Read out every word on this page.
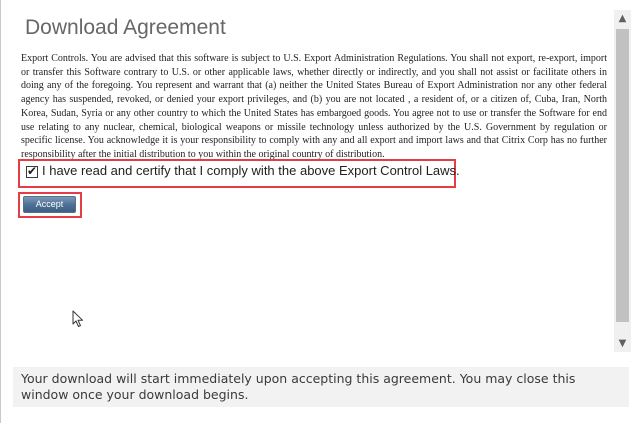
Download Agreement

Export Controls. You are advised that this software is subject to U.S. Export Administration Regulations. You shall not export, re-export, import or transfer this Software contrary to U.S. or other applicable laws, whether directly or indirectly, and you shall not assist or facilitate others in doing any of the foregoing. You represent and warrant that (a) neither the United States Bureau of Export Administration nor any other federal agency has suspended, revoked, or denied your export privileges, and (b) you are not located , a resident of, or a citizen of, Cuba, Iran, North Korea, Sudan, Syria or any other country to which the United States has embargoed goods. You agree not to use or transfer the Software for end use relating to any nuclear, chemical, biological weapons or missile technology unless authorized by the U.S. Government by regulation or specific license. You acknowledge it is your responsibility to comply with any and all export and import laws and that Citrix Corp has no further responsibility after the initial distribution to you within the original country of distribution.

✔ I have read and certify that I comply with the above Export Control Laws.
Accept
▲
▼

Your download will start immediately upon accepting this agreement. You may close this window once your download begins.
